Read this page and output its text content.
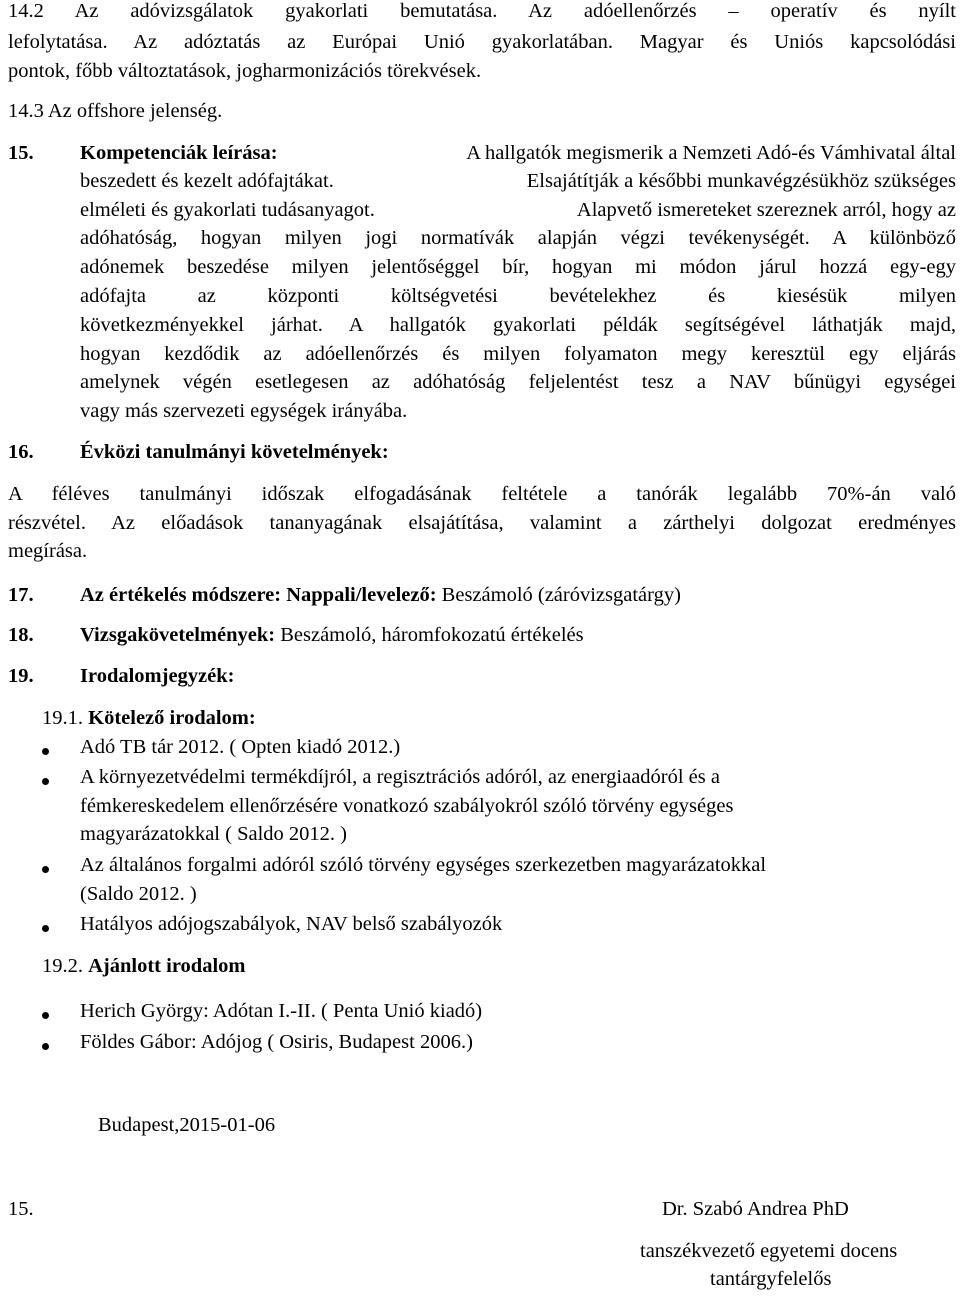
14.2 Az adóvizsgálatok gyakorlati bemutatása. Az adóellenőrzés – operatív és nyílt
lefolytatása. Az adóztatás az Európai Unió gyakorlatában. Magyar és Uniós kapcsolódási
pontok, főbb változtatások, jogharmonizációs törekvések.
14.3 Az offshore jelenség.
15. Kompetenciák leírása:	A hallgatók megismerik a Nemzeti Adó-és Vámhivatal által
beszedett és kezelt adófajtákat.	Elsajátítják a későbbi munkavégzésükhöz szükséges
elméleti és gyakorlati tudásanyagot.	Alapvető ismereteket szereznek arról, hogy az
adóhatóság, hogyan milyen jogi normatívák alapján végzi tevékenységét. A különböző
adónemek beszedése milyen jelentőséggel bír, hogyan mi módon járul hozzá egy-egy
adófajta az központi költségvetési bevételekhez és kiesésük milyen
következményekkel járhat. A hallgatók gyakorlati példák segítségével láthatják majd,
hogyan kezdődik az adóellenőrzés és milyen folyamaton megy keresztül egy eljárás
amelynek végén esetlegesen az adóhatóság feljelentést tesz a NAV bűnügyi egységei
vagy más szervezeti egységek irányába.
16. Évközi tanulmányi követelmények:
A féléves tanulmányi időszak elfogadásának feltétele a tanórák legalább 70%-án való
részvétel. Az előadások tananyagának elsajátítása, valamint a zárthelyi dolgozat eredményes
megírása.
17. Az értékelés módszere: Nappali/levelező: Beszámoló (záróvizsgatárgy)
18. Vizsgakövetelmények: Beszámoló, háromfokozatú értékelés
19. Irodalomjegyzék:
19.1. Kötelező irodalom:
Adó TB tár 2012. ( Opten kiadó 2012.)
A környezetvédelmi termékdíjról, a regisztrációs adóról, az energiaadóról és a
fémkereskedelem ellenőrzésére vonatkozó szabályokról szóló törvény egységes
magyarázatokkal ( Saldo 2012. )
Az általános forgalmi adóról szóló törvény egységes szerkezetben magyarázatokkal
(Saldo 2012. )
Hatályos adójogszabályok, NAV belső szabályozók
19.2. Ajánlott irodalom
Herich György: Adótan I.-II. ( Penta Unió kiadó)
Földes Gábor: Adójog ( Osiris, Budapest 2006.)
Budapest,2015-01-06
15.	Dr. Szabó Andrea PhD
tanszékvezető egyetemi docens
tantárgyfelelős
